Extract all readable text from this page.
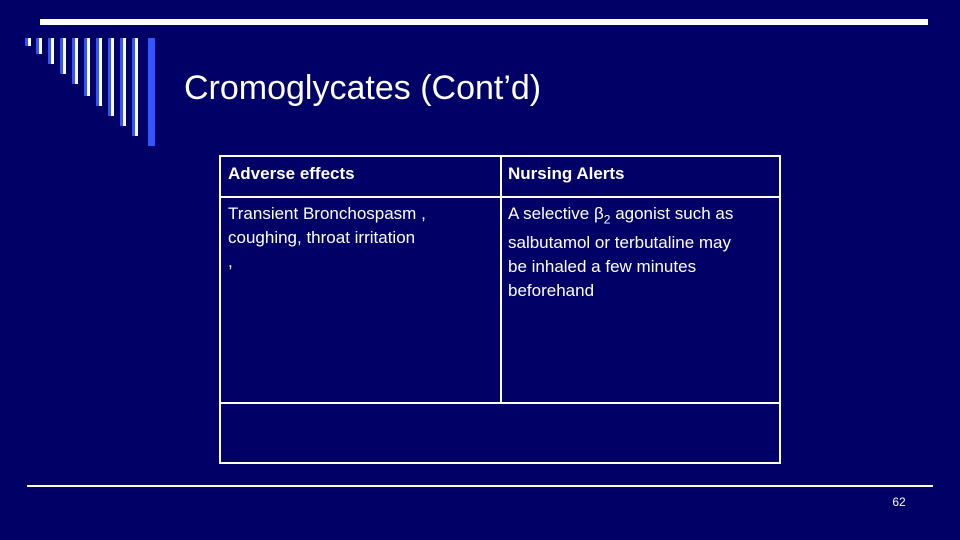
Cromoglycates (Cont’d)
Adverse effects	Nursing Alerts
Transient Bronchospasm ,
coughing, throat irritation
,
A selective $\beta_2$ agonist such as
salbutamol or terbutaline may
be inhaled a few minutes
beforehand
62
